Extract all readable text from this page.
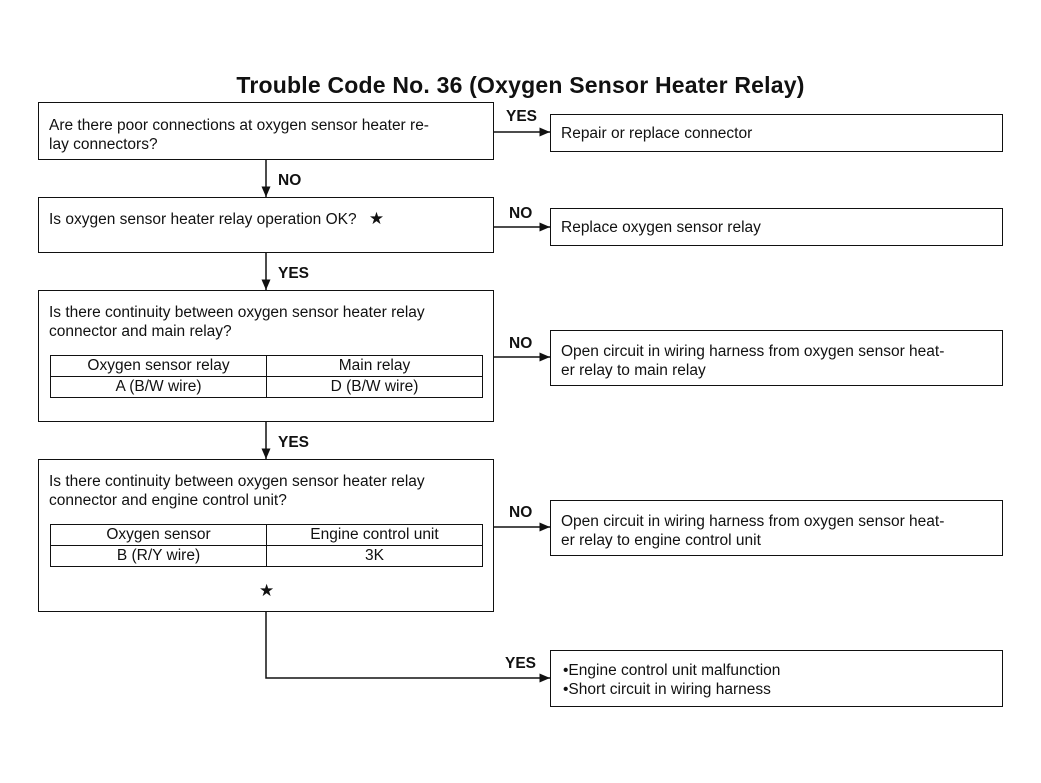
Trouble Code No. 36 (Oxygen Sensor Heater Relay)
Are there poor connections at oxygen sensor heater re-
lay connectors?
YES
Repair or replace connector
NO
Is oxygen sensor heater relay operation OK? ★	NO
Replace oxygen sensor relay
YES
Is there continuity between oxygen sensor heater relay
connector and main relay?
Oxygen sensor relay	Main relay
A (B/W wire)	D (B/W wire)
NO Open circuit in wiring harness from oxygen sensor heat-
er relay to main relay
YES
Is there continuity between oxygen sensor heater relay
connector and engine control unit?
Oxygen sensor	Engine control unit
B (R/Y wire)	3K
★
NO
Open circuit in wiring harness from oxygen sensor heat-
er relay to engine control unit
YES •Engine control unit malfunction
•Short circuit in wiring harness
